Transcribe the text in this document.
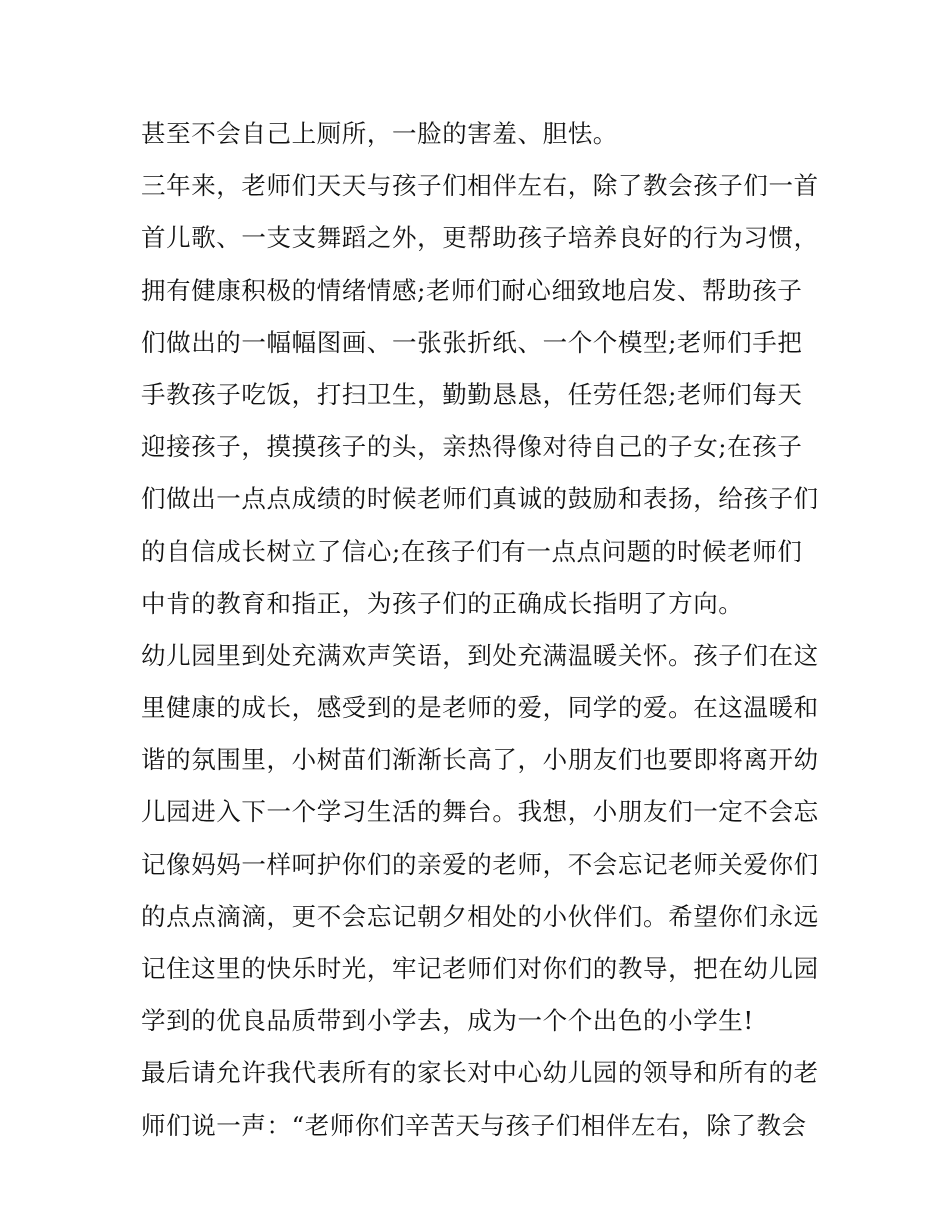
甚至不会自己上厕所，一脸的害羞、胆怯。
三年来，老师们天天与孩子们相伴左右，除了教会孩子们一首
首儿歌、一支支舞蹈之外，更帮助孩子培养良好的行为习惯，
拥有健康积极的情绪情感;老师们耐心细致地启发、帮助孩子
们做出的一幅幅图画、一张张折纸、一个个模型;老师们手把
手教孩子吃饭，打扫卫生，勤勤恳恳，任劳任怨;老师们每天
迎接孩子，摸摸孩子的头，亲热得像对待自己的子女;在孩子
们做出一点点成绩的时候老师们真诚的鼓励和表扬，给孩子们
的自信成长树立了信心;在孩子们有一点点问题的时候老师们
中肯的教育和指正，为孩子们的正确成长指明了方向。
幼儿园里到处充满欢声笑语，到处充满温暖关怀。孩子们在这
里健康的成长，感受到的是老师的爱，同学的爱。在这温暖和
谐的氛围里，小树苗们渐渐长高了，小朋友们也要即将离开幼
儿园进入下一个学习生活的舞台。我想，小朋友们一定不会忘
记像妈妈一样呵护你们的亲爱的老师，不会忘记老师关爱你们
的点点滴滴，更不会忘记朝夕相处的小伙伴们。希望你们永远
记住这里的快乐时光，牢记老师们对你们的教导，把在幼儿园
学到的优良品质带到小学去，成为一个个出色的小学生!
最后请允许我代表所有的家长对中心幼儿园的领导和所有的老
师们说一声：“老师你们辛苦天与孩子们相伴左右，除了教会
